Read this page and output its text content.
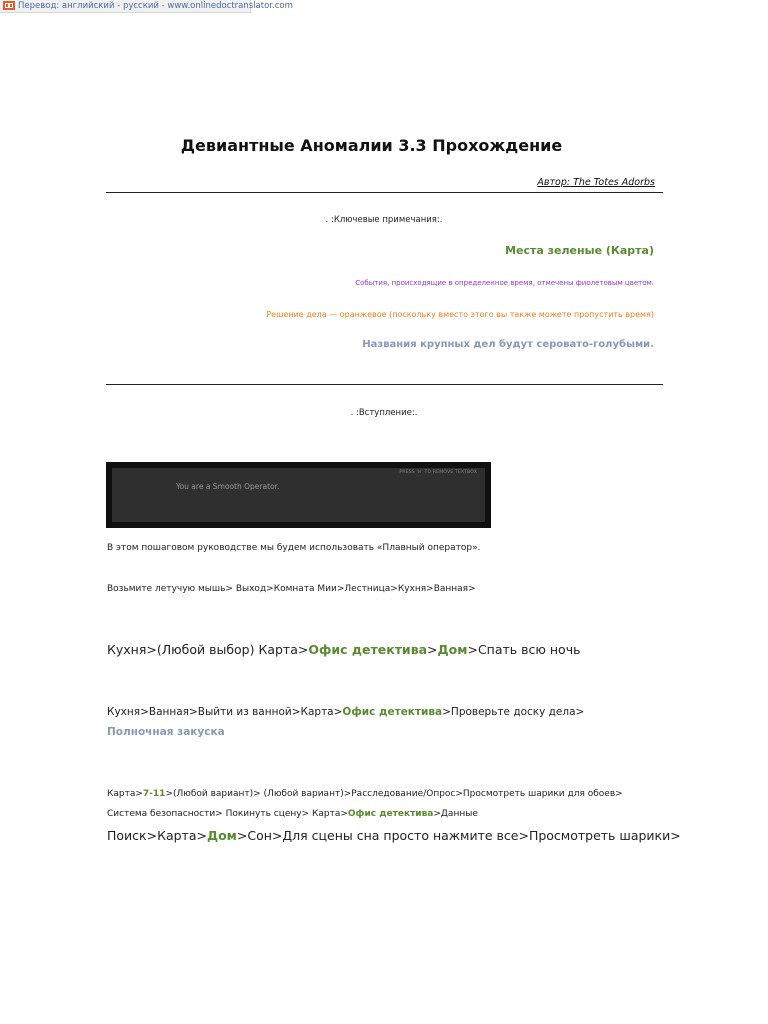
Перевод: английский - русский - www.onlinedoctranslator.com
Девиантные Аномалии 3.3 Прохождение
Автор: The Totes Adorbs
. :Ключевые примечания:.
Места зеленые (Карта)
События, происходящие в определенное время, отмечены фиолетовым цветом.
Решение дела — оранжевое (поскольку вместо этого вы также можете пропустить время)
Названия крупных дел будут серовато-голубыми.
. :Вступление:.
PRESS 'H' TO REMOVE TEXTBOX
You are a Smooth Operator.
В этом пошаговом руководстве мы будем использовать «Плавный оператор».
Возьмите летучую мышь> Выход>Комната Мии>Лестница>Кухня>Ванная>
Кухня>(Любой выбор) Карта>Офис детектива>Дом>Спать всю ночь
Кухня>Ванная>Выйти из ванной>Карта>Офис детектива>Проверьте доску дела>
Полночная закуска
Карта>7-11>(Любой вариант)> (Любой вариант)>Расследование/Опрос>Просмотреть шарики для обоев>
Система безопасности> Покинуть сцену> Карта>Офис детектива>Данные
Поиск>Карта>Дом>Сон>Для сцены сна просто нажмите все>Просмотреть шарики>
